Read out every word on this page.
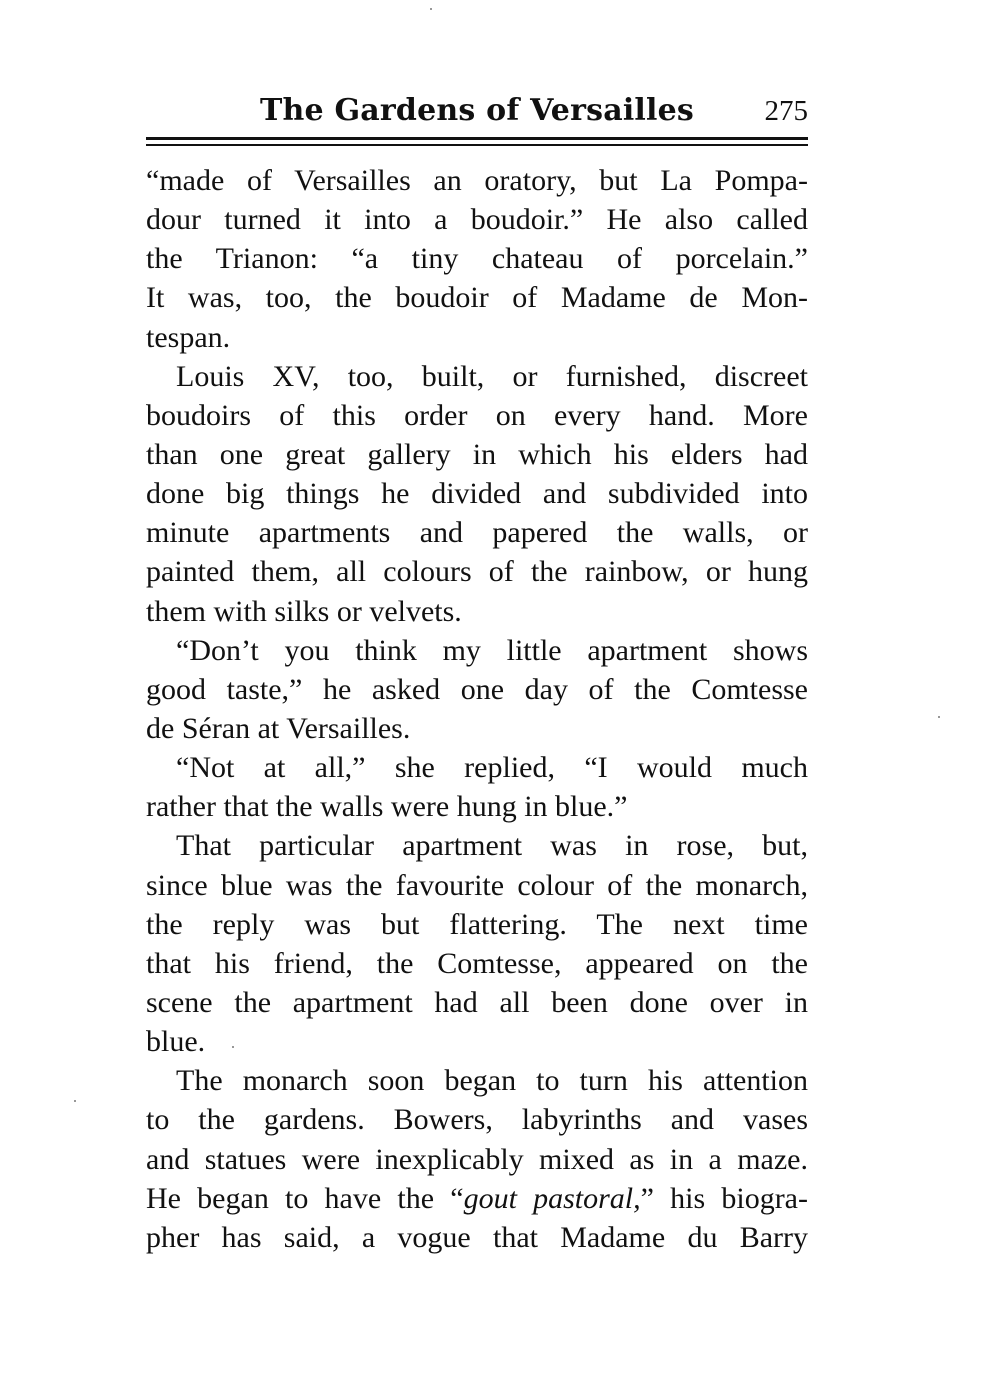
The Gardens of Versailles	275
“made of Versailles an oratory, but La Pompa-
dour turned it into a boudoir.” He also called
the Trianon: “a tiny chateau of porcelain.”
It was, too, the boudoir of Madame de Mon-
tespan.
Louis XV, too, built, or furnished, discreet
boudoirs of this order on every hand. More
than one great gallery in which his elders had
done big things he divided and subdivided into
minute apartments and papered the walls, or
painted them, all colours of the rainbow, or hung
them with silks or velvets.
“Don’t you think my little apartment shows
good taste,” he asked one day of the Comtesse
de Séran at Versailles.
“Not at all,” she replied, “I would much
rather that the walls were hung in blue.”
That particular apartment was in rose, but,
since blue was the favourite colour of the monarch,
the reply was but flattering. The next time
that his friend, the Comtesse, appeared on the
scene the apartment had all been done over in
blue.
The monarch soon began to turn his attention
to the gardens. Bowers, labyrinths and vases
and statues were inexplicably mixed as in a maze.
He began to have the “gout pastoral,” his biogra-
pher has said, a vogue that Madame du Barry
